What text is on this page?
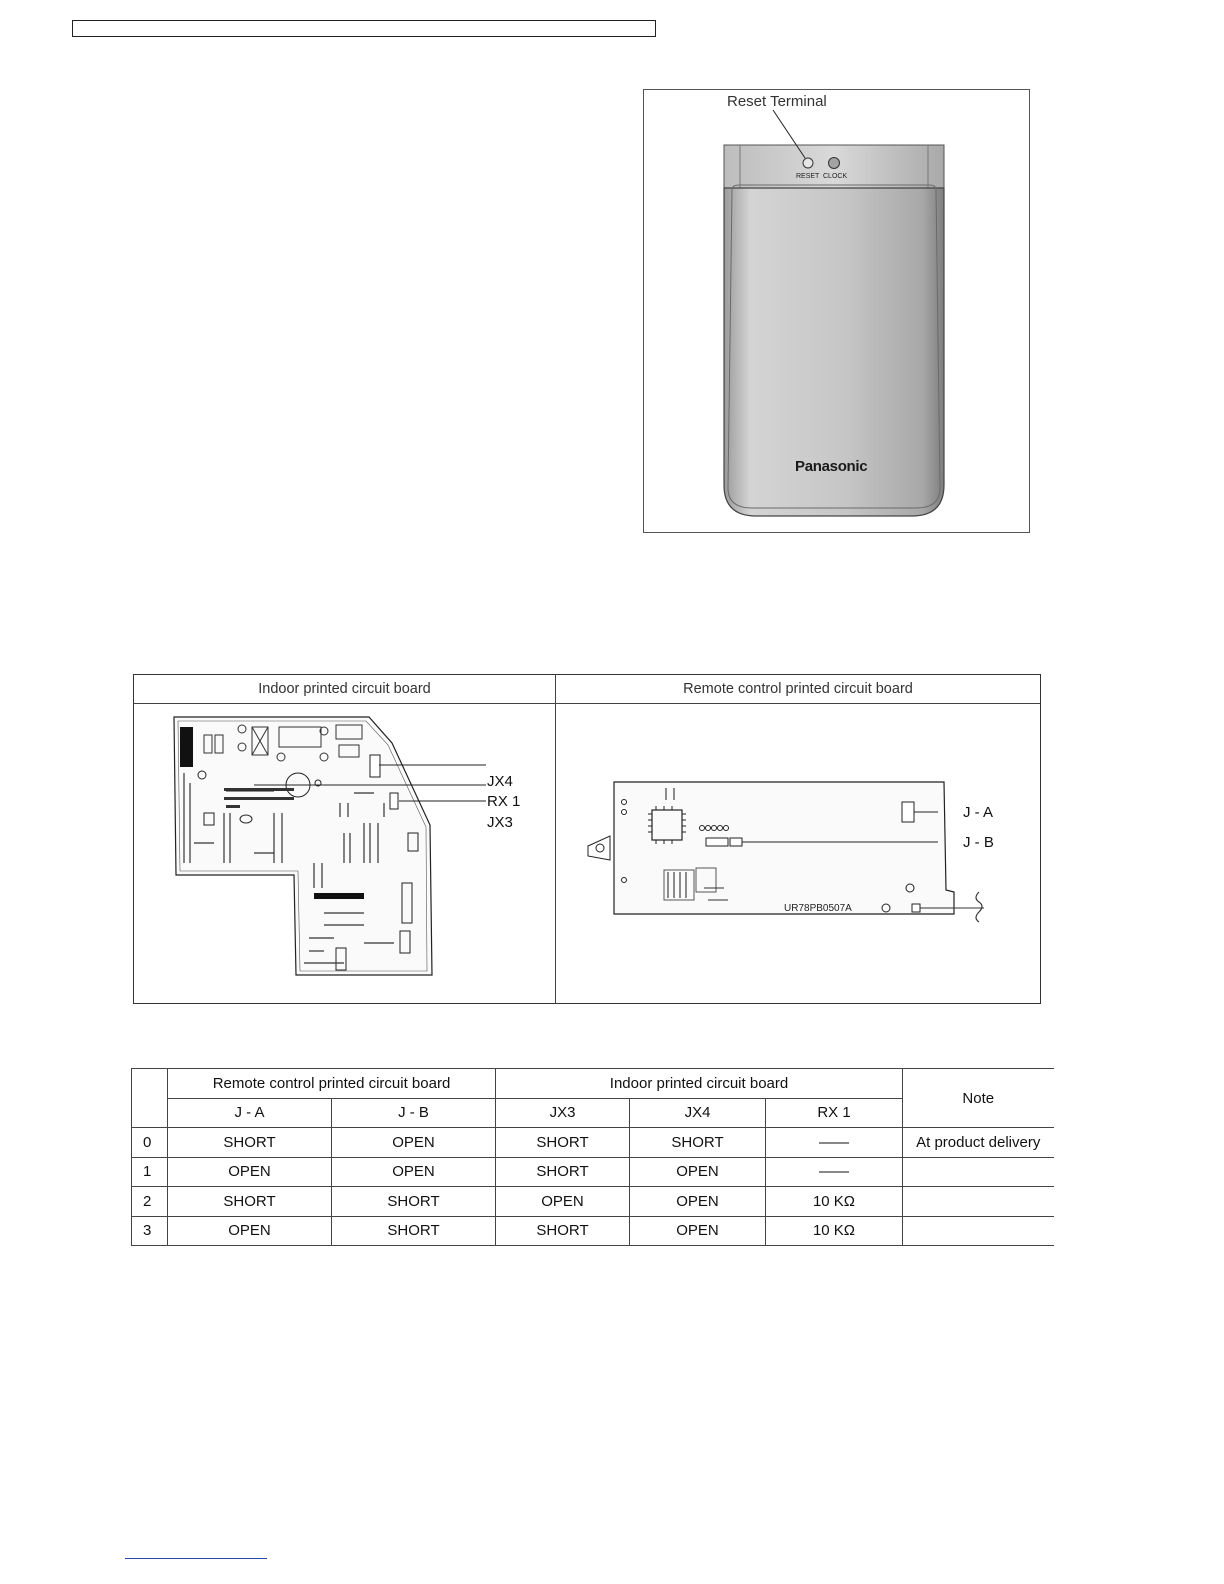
RESET CLOCK
Reset Terminal
Panasonic
Indoor printed circuit board	Remote control printed circuit board
JX4
RX 1
JX3
UR78PB0507A
J - A
J - B
	Remote control printed circuit board		Indoor printed circuit board			Note
	J - A	J - B	JX3	JX4	RX 1	
0	SHORT	OPEN	SHORT	SHORT	——	At product delivery
1	OPEN	OPEN	SHORT	OPEN	——	
2	SHORT	SHORT	OPEN	OPEN	10 KΩ	
3	OPEN	SHORT	SHORT	OPEN	10 KΩ	
